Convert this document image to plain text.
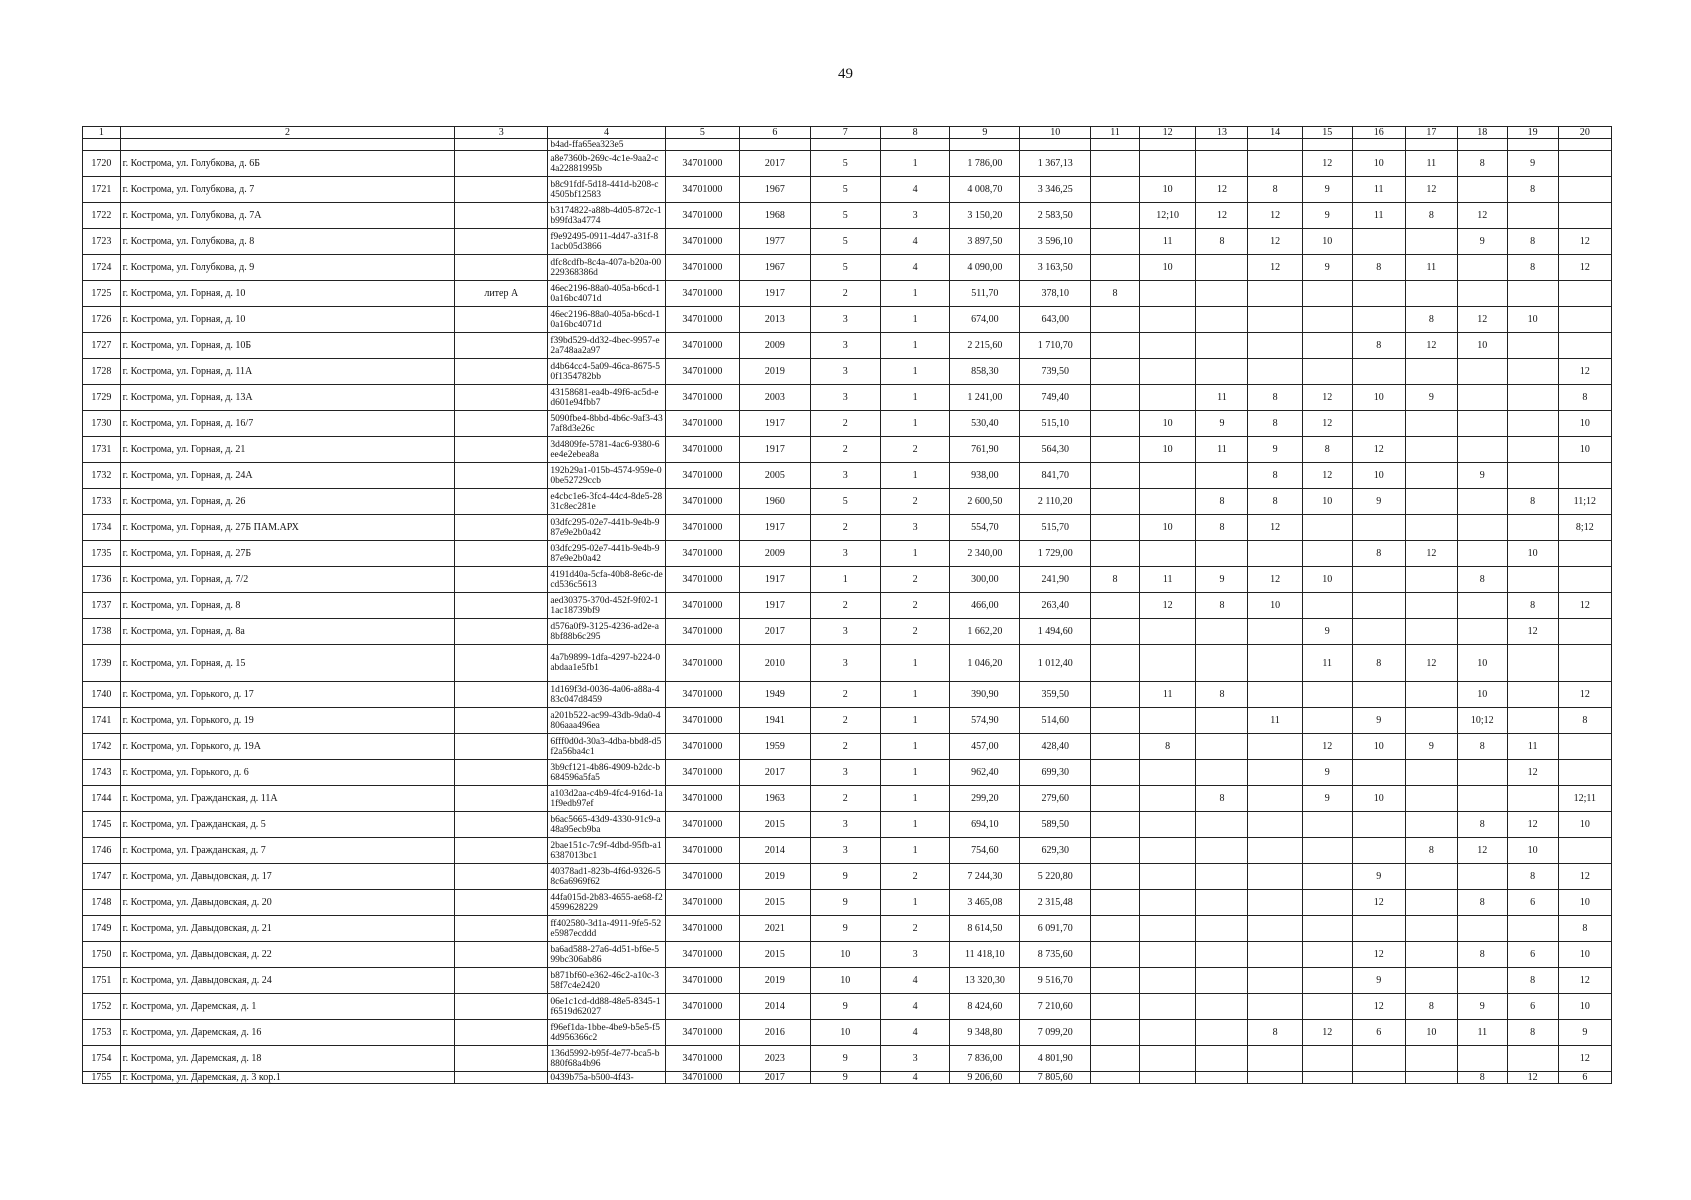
49
1	2	3	4	5	6	7	8	9	10	11	12	13	14	15	16	17	18	19	20
			b4ad-ffa65ea323e5																
1720	г. Кострома, ул. Голубкова, д. 6Б		a8e7360b-269c-4c1e-9aa2-c4a22881995b	34701000	2017	5	1	1 786,00	1 367,13					12	10	11	8	9	
1721	г. Кострома, ул. Голубкова, д. 7		b8c91fdf-5d18-441d-b208-c4505bf12583	34701000	1967	5	4	4 008,70	3 346,25		10	12	8	9	11	12		8	
1722	г. Кострома, ул. Голубкова, д. 7А		b3174822-a88b-4d05-872c-1b99fd3a4774	34701000	1968	5	3	3 150,20	2 583,50		12;10	12	12	9	11	8	12		
1723	г. Кострома, ул. Голубкова, д. 8		f9e92495-0911-4d47-a31f-81acb05d3866	34701000	1977	5	4	3 897,50	3 596,10		11	8	12	10			9	8	12
1724	г. Кострома, ул. Голубкова, д. 9		dfc8cdfb-8c4a-407a-b20a-00229368386d	34701000	1967	5	4	4 090,00	3 163,50		10		12	9	8	11		8	12
1725	г. Кострома, ул. Горная, д. 10	литер А	46ec2196-88a0-405a-b6cd-10a16bc4071d	34701000	1917	2	1	511,70	378,10	8									
1726	г. Кострома, ул. Горная, д. 10		46ec2196-88a0-405a-b6cd-10a16bc4071d	34701000	2013	3	1	674,00	643,00							8	12	10	
1727	г. Кострома, ул. Горная, д. 10Б		f39bd529-dd32-4bec-9957-e2a748aa2a97	34701000	2009	3	1	2 215,60	1 710,70						8	12	10		
1728	г. Кострома, ул. Горная, д. 11А		d4b64cc4-5a09-46ca-8675-50f1354782bb	34701000	2019	3	1	858,30	739,50										12
1729	г. Кострома, ул. Горная, д. 13А		43158681-ea4b-49f6-ac5d-ed601e94fbb7	34701000	2003	3	1	1 241,00	749,40			11	8	12	10	9			8
1730	г. Кострома, ул. Горная, д. 16/7		5090fbe4-8bbd-4b6c-9af3-437af8d3e26c	34701000	1917	2	1	530,40	515,10		10	9	8	12					10
1731	г. Кострома, ул. Горная, д. 21		3d4809fe-5781-4ac6-9380-6ee4e2ebea8a	34701000	1917	2	2	761,90	564,30		10	11	9	8	12				10
1732	г. Кострома, ул. Горная, д. 24А		192b29a1-015b-4574-959e-00be52729ccb	34701000	2005	3	1	938,00	841,70				8	12	10		9		
1733	г. Кострома, ул. Горная, д. 26		e4cbc1e6-3fc4-44c4-8de5-2831c8ec281e	34701000	1960	5	2	2 600,50	2 110,20			8	8	10	9			8	11;12
1734	г. Кострома, ул. Горная, д. 27Б ПАМ.АРХ		03dfc295-02e7-441b-9e4b-987e9e2b0a42	34701000	1917	2	3	554,70	515,70		10	8	12						8;12
1735	г. Кострома, ул. Горная, д. 27Б		03dfc295-02e7-441b-9e4b-987e9e2b0a42	34701000	2009	3	1	2 340,00	1 729,00						8	12		10	
1736	г. Кострома, ул. Горная, д. 7/2		4191d40a-5cfa-40b8-8e6c-decd536c5613	34701000	1917	1	2	300,00	241,90	8	11	9	12	10			8		
1737	г. Кострома, ул. Горная, д. 8		aed30375-370d-452f-9f02-11ac18739bf9	34701000	1917	2	2	466,00	263,40		12	8	10					8	12
1738	г. Кострома, ул. Горная, д. 8а		d576a0f9-3125-4236-ad2e-a8bf88b6c295	34701000	2017	3	2	1 662,20	1 494,60					9				12	
1739	г. Кострома, ул. Горная, д. 15		4a7b9899-1dfa-4297-b224-0abdaa1e5fb1	34701000	2010	3	1	1 046,20	1 012,40					11	8	12	10		
1740	г. Кострома, ул. Горького, д. 17		1d169f3d-0036-4a06-a88a-483c047d8459	34701000	1949	2	1	390,90	359,50		11	8					10		12
1741	г. Кострома, ул. Горького, д. 19		a201b522-ac99-43db-9da0-4806aaa496ea	34701000	1941	2	1	574,90	514,60				11		9		10;12		8
1742	г. Кострома, ул. Горького, д. 19А		6fff0d0d-30a3-4dba-bbd8-d5f2a56ba4c1	34701000	1959	2	1	457,00	428,40		8			12	10	9	8	11	
1743	г. Кострома, ул. Горького, д. 6		3b9cf121-4b86-4909-b2dc-b684596a5fa5	34701000	2017	3	1	962,40	699,30					9				12	
1744	г. Кострома, ул. Гражданская, д. 11А		a103d2aa-c4b9-4fc4-916d-1a1f9edb97ef	34701000	1963	2	1	299,20	279,60			8		9	10				12;11
1745	г. Кострома, ул. Гражданская, д. 5		b6ac5665-43d9-4330-91c9-a48a95ecb9ba	34701000	2015	3	1	694,10	589,50								8	12	10
1746	г. Кострома, ул. Гражданская, д. 7		2bae151c-7c9f-4dbd-95fb-a16387013bc1	34701000	2014	3	1	754,60	629,30							8	12	10	
1747	г. Кострома, ул. Давыдовская, д. 17		40378ad1-823b-4f6d-9326-58c6a6969f62	34701000	2019	9	2	7 244,30	5 220,80						9			8	12
1748	г. Кострома, ул. Давыдовская, д. 20		44fa015d-2b83-4655-ae68-f24599628229	34701000	2015	9	1	3 465,08	2 315,48						12		8	6	10
1749	г. Кострома, ул. Давыдовская, д. 21		ff402580-3d1a-4911-9fe5-52e5987ecddd	34701000	2021	9	2	8 614,50	6 091,70										8
1750	г. Кострома, ул. Давыдовская, д. 22		ba6ad588-27a6-4d51-bf6e-599bc306ab86	34701000	2015	10	3	11 418,10	8 735,60						12		8	6	10
1751	г. Кострома, ул. Давыдовская, д. 24		b871bf60-e362-46c2-a10c-358f7c4e2420	34701000	2019	10	4	13 320,30	9 516,70						9			8	12
1752	г. Кострома, ул. Даремская, д. 1		06e1c1cd-dd88-48e5-8345-1f6519d62027	34701000	2014	9	4	8 424,60	7 210,60						12	8	9	6	10
1753	г. Кострома, ул. Даремская, д. 16		f96ef1da-1bbe-4be9-b5e5-f54d956366c2	34701000	2016	10	4	9 348,80	7 099,20				8	12	6	10	11	8	9
1754	г. Кострома, ул. Даремская, д. 18		136d5992-b95f-4e77-bca5-b880f68a4b96	34701000	2023	9	3	7 836,00	4 801,90										12
1755	г. Кострома, ул. Даремская, д. 3 кор.1		0439b75a-b500-4f43-	34701000	2017	9	4	9 206,60	7 805,60								8	12	6
